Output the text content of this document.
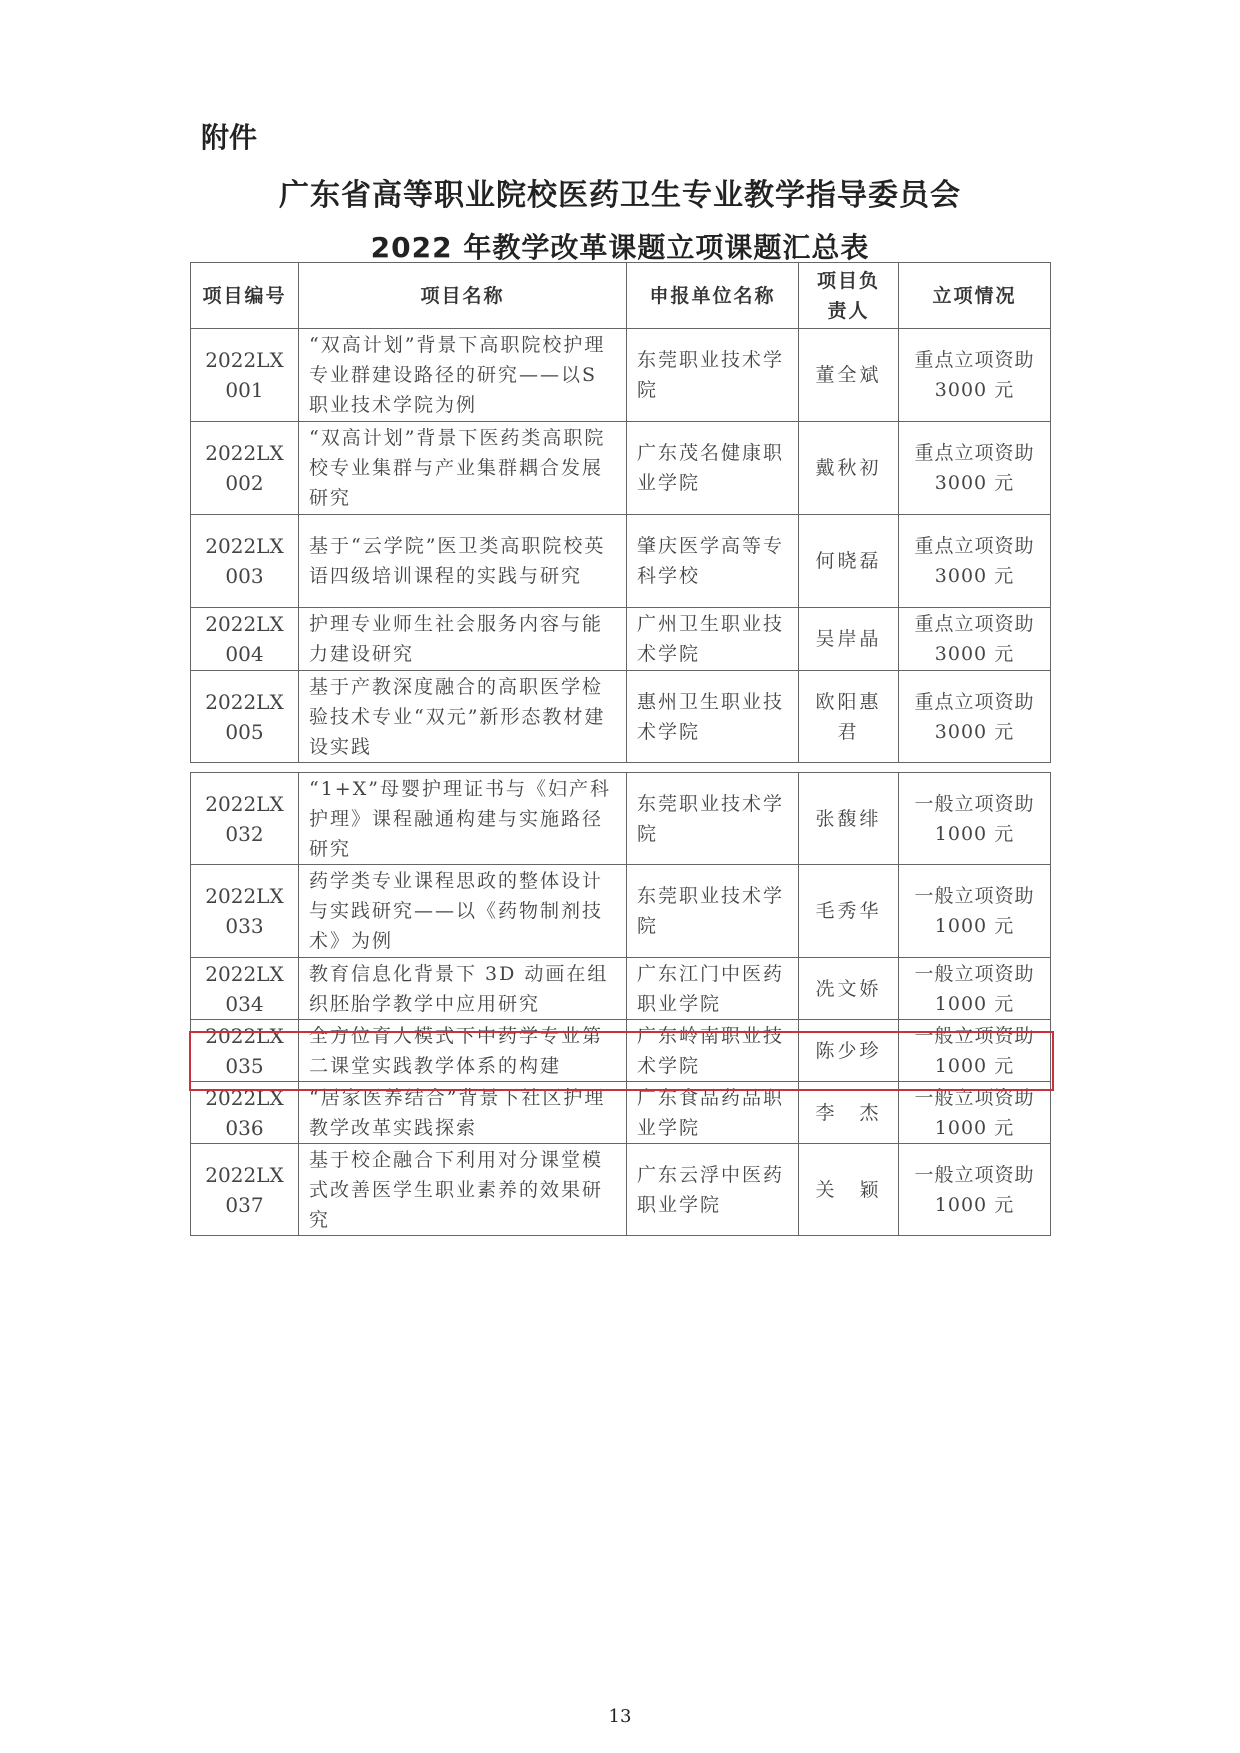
附件
广东省高等职业院校医药卫生专业教学指导委员会
2022 年教学改革课题立项课题汇总表
项目编号	项目名称	申报单位名称	项目负责人	立项情况
2022LX 001	“双高计划”背景下高职院校护理专业群建设路径的研究——以S职业技术学院为例	东莞职业技术学院	董全斌	重点立项资助 3000 元
2022LX 002	“双高计划”背景下医药类高职院校专业集群与产业集群耦合发展研究	广东茂名健康职业学院	戴秋初	重点立项资助 3000 元
2022LX 003	基于“云学院”医卫类高职院校英语四级培训课程的实践与研究	肇庆医学高等专科学校	何晓磊	重点立项资助 3000 元
2022LX 004	护理专业师生社会服务内容与能力建设研究	广州卫生职业技术学院	吴岸晶	重点立项资助 3000 元
2022LX 005	基于产教深度融合的高职医学检验技术专业“双元”新形态教材建设实践	惠州卫生职业技术学院	欧阳惠君	重点立项资助 3000 元
2022LX 032	“1+X”母婴护理证书与《妇产科护理》课程融通构建与实施路径研究	东莞职业技术学院	张馥绯	一般立项资助 1000 元
2022LX 033	药学类专业课程思政的整体设计与实践研究——以《药物制剂技术》为例	东莞职业技术学院	毛秀华	一般立项资助 1000 元
2022LX 034	教育信息化背景下 3D 动画在组织胚胎学教学中应用研究	广东江门中医药职业学院	冼文娇	一般立项资助 1000 元
2022LX 035	全方位育人模式下中药学专业第二课堂实践教学体系的构建	广东岭南职业技术学院	陈少珍	一般立项资助 1000 元
2022LX 036	“居家医养结合”背景下社区护理教学改革实践探索	广东食品药品职业学院	李　杰	一般立项资助 1000 元
2022LX 037	基于校企融合下利用对分课堂模式改善医学生职业素养的效果研究	广东云浮中医药职业学院	关　颖	一般立项资助 1000 元
13
